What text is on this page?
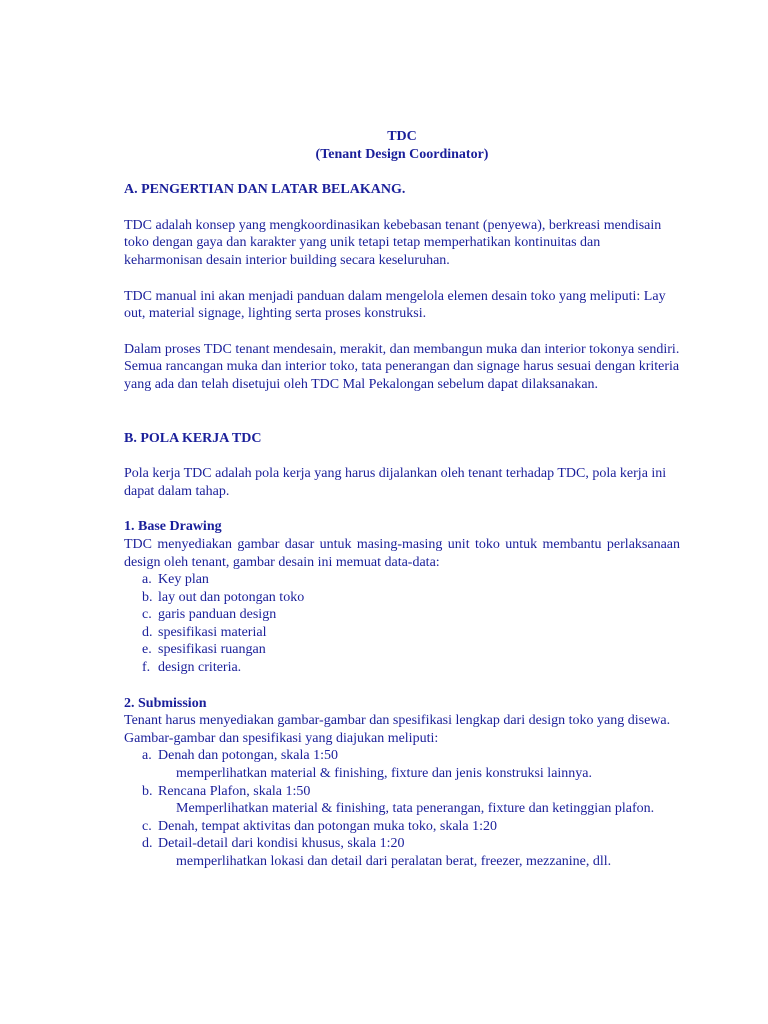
TDC
(Tenant Design Coordinator)
A. PENGERTIAN DAN LATAR BELAKANG.

TDC adalah konsep yang mengkoordinasikan kebebasan tenant (penyewa), berkreasi mendisain toko dengan gaya dan karakter yang unik tetapi tetap memperhatikan kontinuitas dan keharmonisan desain interior building secara keseluruhan.

TDC manual ini akan menjadi panduan dalam mengelola elemen desain toko yang meliputi: Lay out, material signage, lighting serta proses konstruksi.

Dalam proses TDC tenant mendesain, merakit, dan membangun muka dan interior tokonya sendiri. Semua rancangan muka dan interior toko, tata penerangan dan signage harus sesuai dengan kriteria yang ada dan telah disetujui oleh TDC Mal Pekalongan sebelum dapat dilaksanakan.

B. POLA KERJA TDC

Pola kerja TDC adalah pola kerja yang harus dijalankan oleh tenant terhadap TDC, pola kerja ini dapat dalam tahap.

1. Base Drawing

TDC menyediakan gambar dasar untuk masing-masing unit toko untuk membantu perlaksanaan design oleh tenant, gambar desain ini memuat data-data:

a. Key plan
b. lay out dan potongan toko
c. garis panduan design
d. spesifikasi material
e. spesifikasi ruangan
f. design criteria.
2. Submission

Tenant harus menyediakan gambar-gambar dan spesifikasi lengkap dari design toko yang disewa.

Gambar-gambar dan spesifikasi yang diajukan meliputi:

a. Denah dan potongan, skala 1:50
memperlihatkan material & finishing, fixture dan jenis konstruksi lainnya.
b. Rencana Plafon, skala 1:50
Memperlihatkan material & finishing, tata penerangan, fixture dan ketinggian plafon.
c. Denah, tempat aktivitas dan potongan muka toko, skala 1:20
d. Detail-detail dari kondisi khusus, skala 1:20
memperlihatkan lokasi dan detail dari peralatan berat, freezer, mezzanine, dll.
